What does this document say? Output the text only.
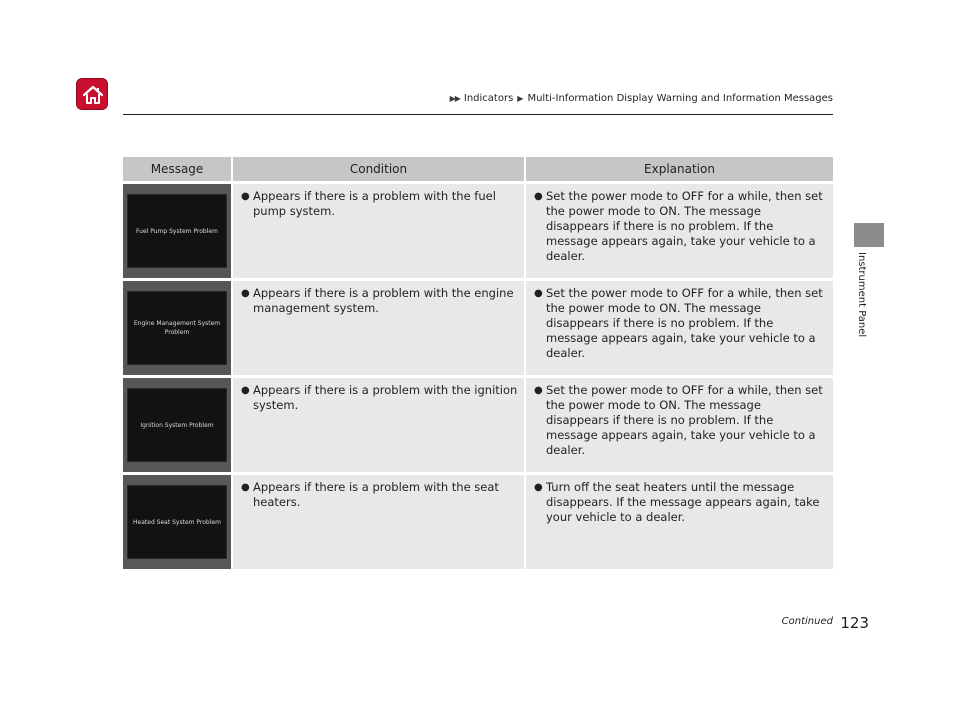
▶▶ Indicators ▶ Multi-Information Display Warning and Information Messages
Instrument Panel
Message	Condition	Explanation

Fuel Pump System Problem	● Appears if there is a problem with the fuel pump system.	● Set the power mode to OFF for a while, then set the power mode to ON. The message disappears if there is no problem. If the message appears again, take your vehicle to a dealer.

Engine Management System Problem	● Appears if there is a problem with the engine management system.	● Set the power mode to OFF for a while, then set the power mode to ON. The message disappears if there is no problem. If the message appears again, take your vehicle to a dealer.

Ignition System Problem	● Appears if there is a problem with the ignition system.	● Set the power mode to OFF for a while, then set the power mode to ON. The message disappears if there is no problem. If the message appears again, take your vehicle to a dealer.

Heated Seat System Problem	● Appears if there is a problem with the seat heaters.	● Turn off the seat heaters until the message disappears. If the message appears again, take your vehicle to a dealer.
Continued 123
